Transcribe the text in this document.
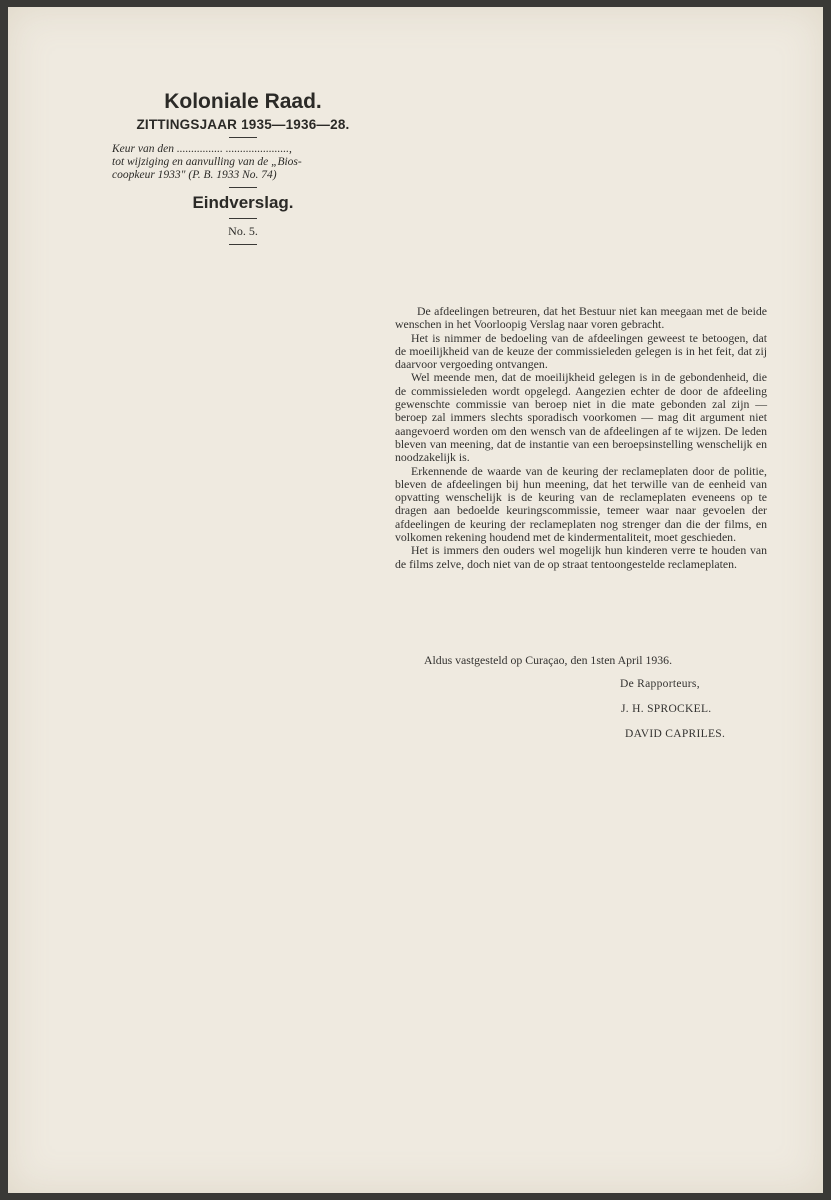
Koloniale Raad.

ZITTINGSJAAR 1935—1936—28.

Keur van den ................ ......................,

tot wijziging en aanvulling van de „Bios-

coopkeur 1933" (P. B. 1933 No. 74)

Eindverslag.

No. 5.

De afdeelingen betreuren, dat het Bestuur niet kan meegaan met de beide wenschen in het Voorloopig Verslag naar voren gebracht.

Het is nimmer de bedoeling van de afdeelingen geweest te betoogen, dat de moeilijkheid van de keuze der commissieleden gelegen is in het feit, dat zij daarvoor vergoeding ontvangen.

Wel meende men, dat de moeilijkheid gelegen is in de gebondenheid, die de commissieleden wordt opgelegd. Aangezien echter de door de afdeeling gewenschte commissie van beroep niet in die mate gebonden zal zijn — beroep zal immers slechts sporadisch voorkomen — mag dit argument niet aangevoerd worden om den wensch van de afdeelingen af te wijzen. De leden bleven van meening, dat de instantie van een beroepsinstelling wenschelijk en noodzakelijk is.

Erkennende de waarde van de keuring der reclameplaten door de politie, bleven de afdeelingen bij hun meening, dat het terwille van de eenheid van opvatting wenschelijk is de keuring van de reclameplaten eveneens op te dragen aan bedoelde keuringscommissie, temeer waar naar gevoelen der afdeelingen de keuring der reclameplaten nog strenger dan die der films, en volkomen rekening houdend met de kindermentaliteit, moet geschieden.

Het is immers den ouders wel mogelijk hun kinderen verre te houden van de films zelve, doch niet van de op straat tentoongestelde reclameplaten.

Aldus vastgesteld op Curaçao, den 1sten April 1936.
De Rapporteurs,
J. H. SPROCKEL.
DAVID CAPRILES.
